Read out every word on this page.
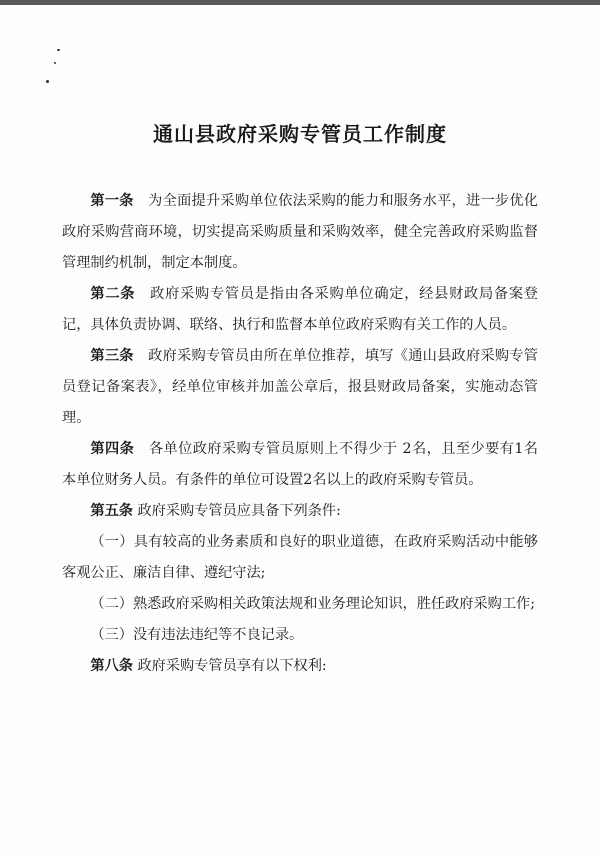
通山县政府采购专管员工作制度

第一条　为全面提升采购单位依法采购的能力和服务水平，进一步优化政府采购营商环境，切实提高采购质量和采购效率，健全完善政府采购监督管理制约机制，制定本制度。

第二条　政府采购专管员是指由各采购单位确定，经县财政局备案登记，具体负责协调、联络、执行和监督本单位政府采购有关工作的人员。

第三条　政府采购专管员由所在单位推荐，填写《通山县政府采购专管员登记备案表》，经单位审核并加盖公章后，报县财政局备案，实施动态管理。

第四条　各单位政府采购专管员原则上不得少于 2名，且至少要有1名本单位财务人员。有条件的单位可设置2名以上的政府采购专管员。

第五条 政府采购专管员应具备下列条件:

（一）具有较高的业务素质和良好的职业道德，在政府采购活动中能够客观公正、廉洁自律、遵纪守法;

（二）熟悉政府采购相关政策法规和业务理论知识，胜任政府采购工作;

（三）没有违法违纪等不良记录。

第八条 政府采购专管员享有以下权利:
